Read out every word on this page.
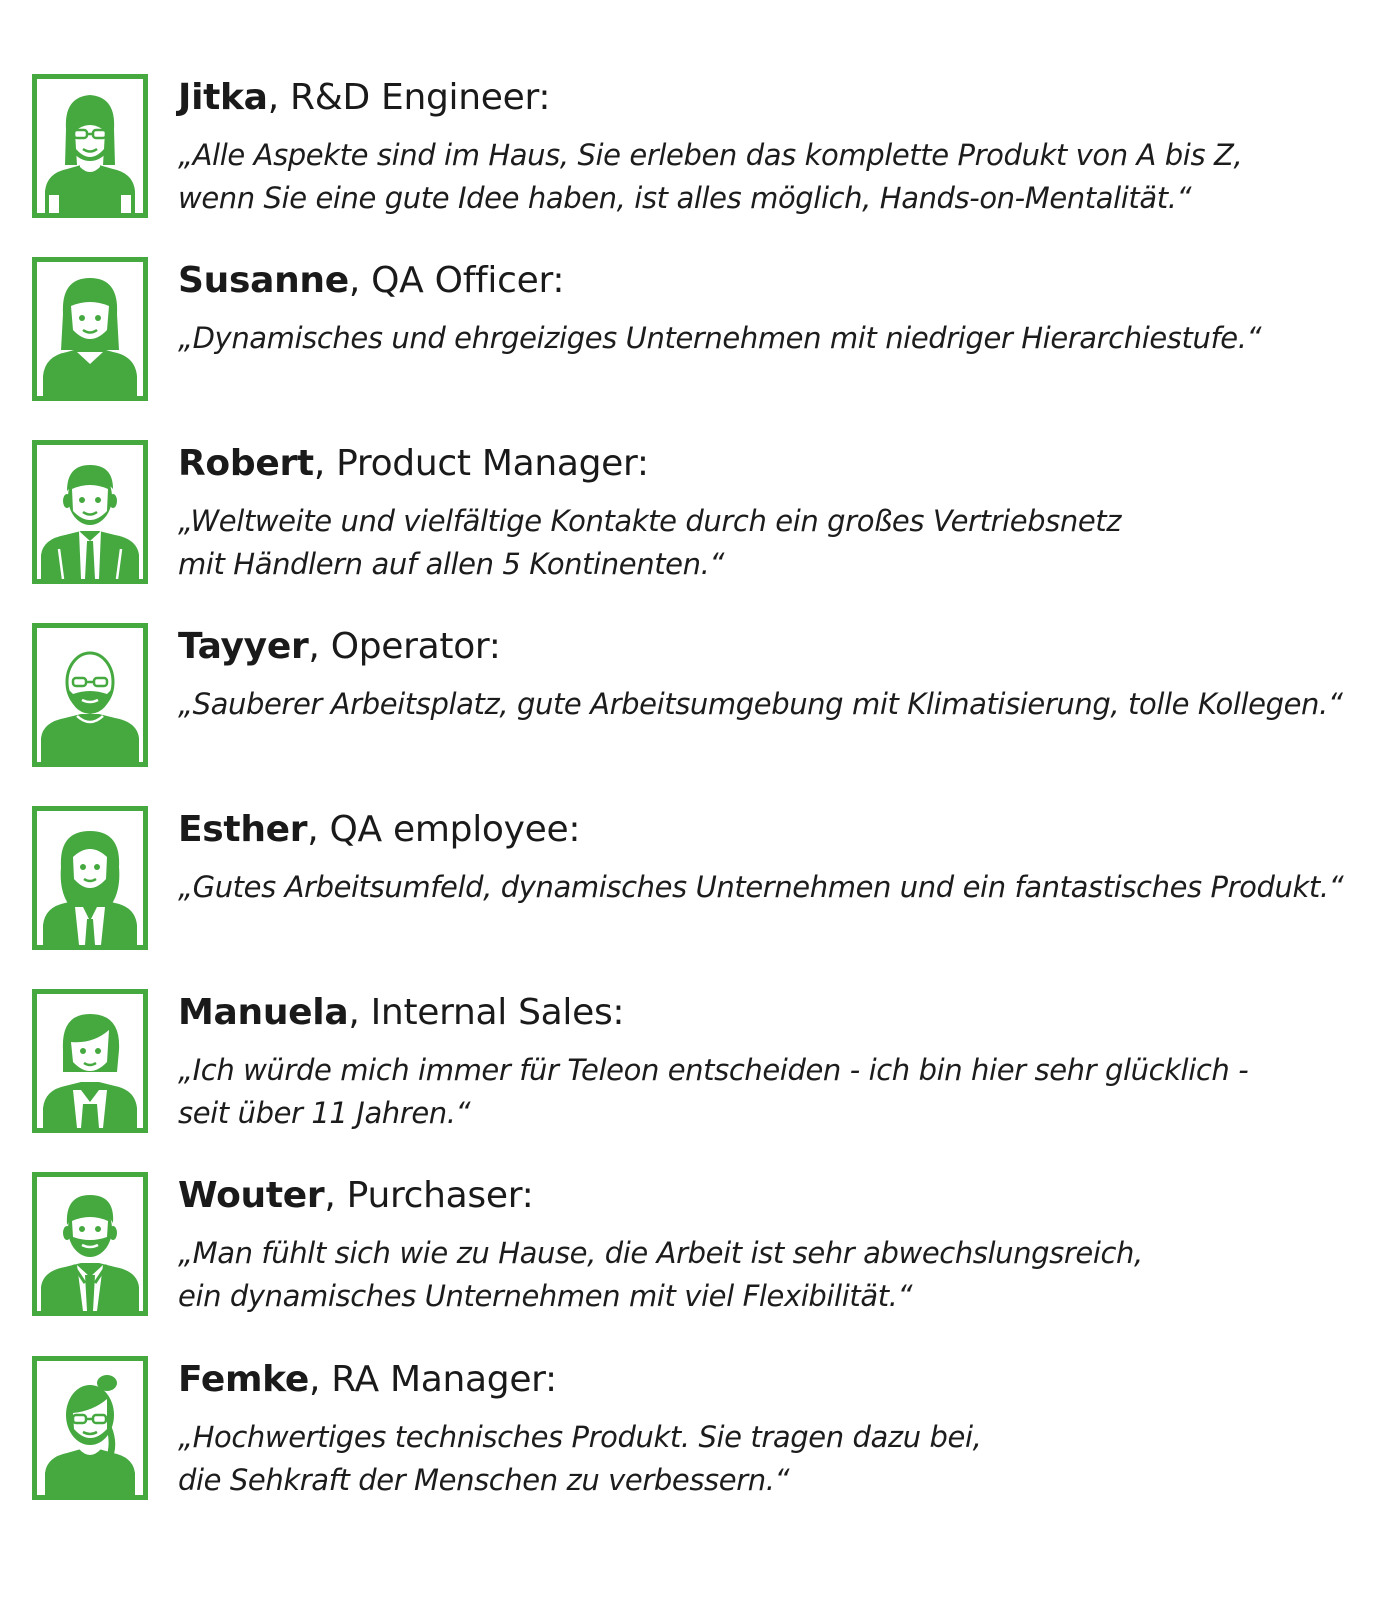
Jitka, R&D Engineer:
„Alle Aspekte sind im Haus, Sie erleben das komplette Produkt von A bis Z,
wenn Sie eine gute Idee haben, ist alles möglich, Hands-on-Mentalität.“
Susanne, QA Officer:
„Dynamisches und ehrgeiziges Unternehmen mit niedriger Hierarchiestufe.“
Robert, Product Manager:
„Weltweite und vielfältige Kontakte durch ein großes Vertriebsnetz
mit Händlern auf allen 5 Kontinenten.“
Tayyer, Operator:
„Sauberer Arbeitsplatz, gute Arbeitsumgebung mit Klimatisierung, tolle Kollegen.“
Esther, QA employee:
„Gutes Arbeitsumfeld, dynamisches Unternehmen und ein fantastisches Produkt.“
Manuela, Internal Sales:
„Ich würde mich immer für Teleon entscheiden - ich bin hier sehr glücklich -
seit über 11 Jahren.“
Wouter, Purchaser:
„Man fühlt sich wie zu Hause, die Arbeit ist sehr abwechslungsreich,
ein dynamisches Unternehmen mit viel Flexibilität.“
Femke, RA Manager:
„Hochwertiges technisches Produkt. Sie tragen dazu bei,
die Sehkraft der Menschen zu verbessern.“
